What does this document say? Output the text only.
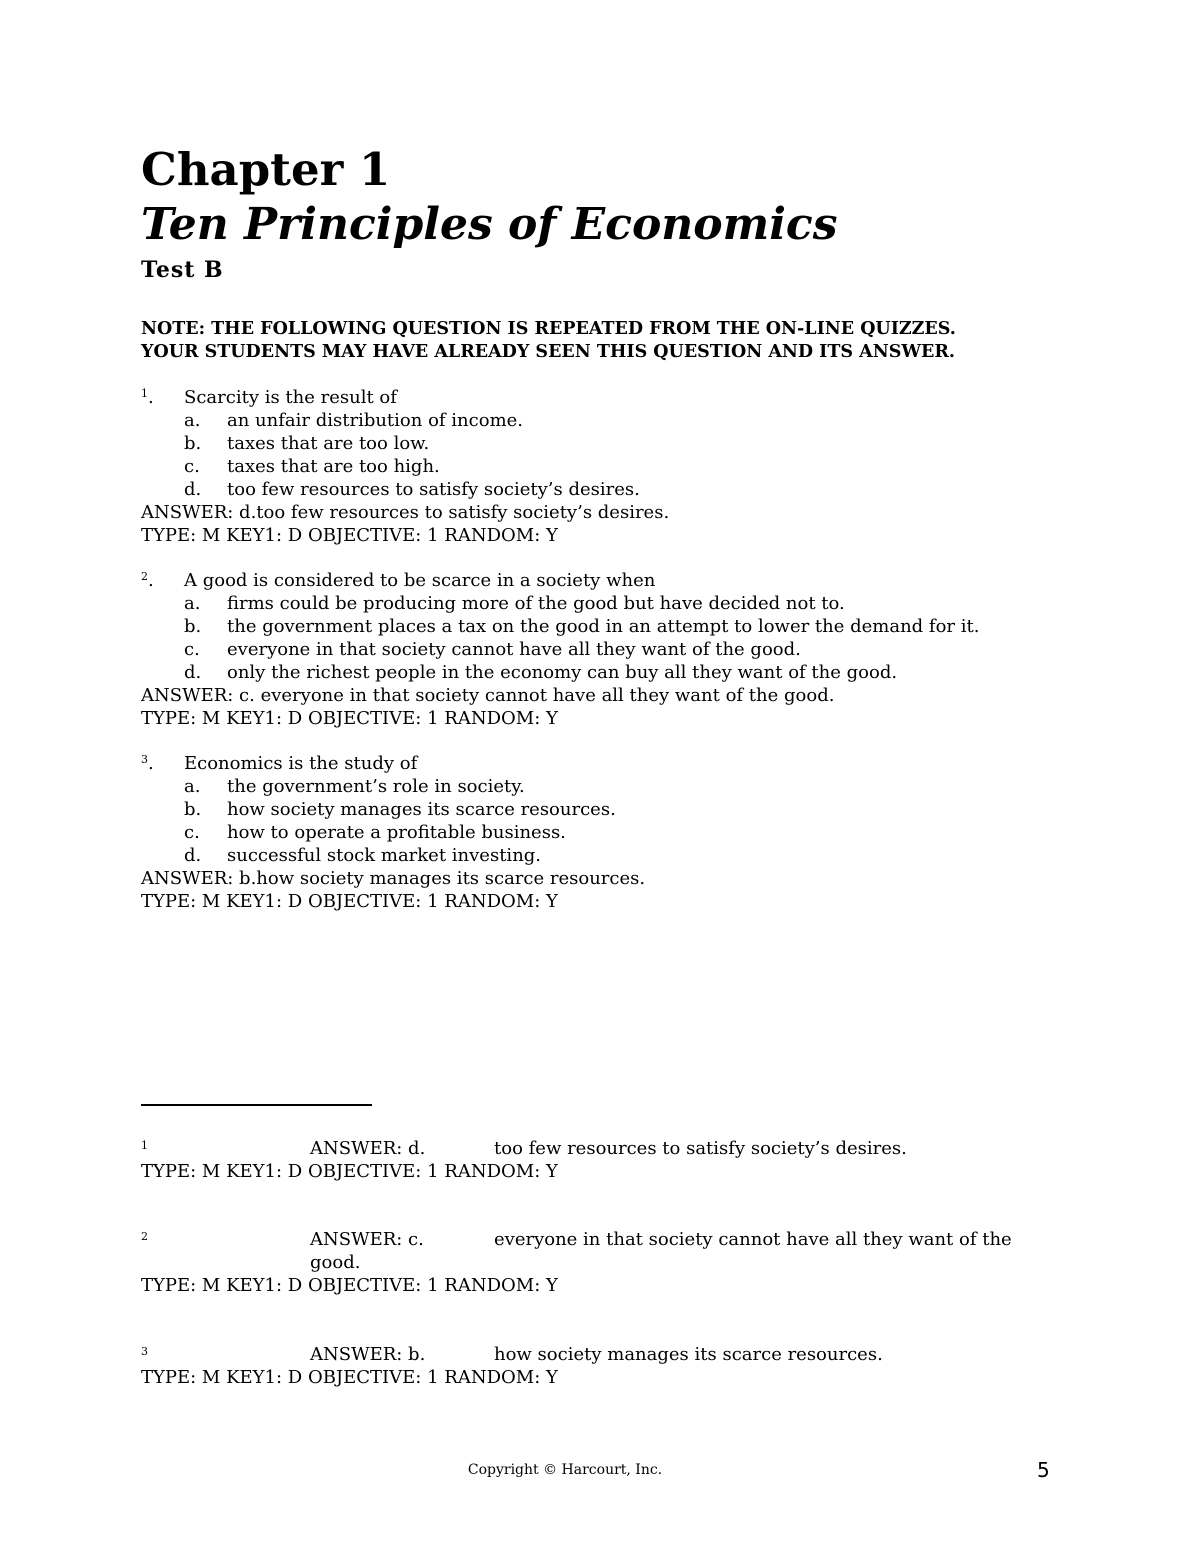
Chapter 1
Ten Principles of Economics
Test B
NOTE: THE FOLLOWING QUESTION IS REPEATED FROM THE ON-LINE QUIZZES.
YOUR STUDENTS MAY HAVE ALREADY SEEN THIS QUESTION AND ITS ANSWER.
1 . Scarcity is the result of
a. an unfair distribution of income.
b. taxes that are too low.
c. taxes that are too high.
d. too few resources to satisfy society’s desires.
ANSWER: d.too few resources to satisfy society’s desires.
TYPE: M KEY1: D OBJECTIVE: 1 RANDOM: Y
2 . A good is considered to be scarce in a society when
a. firms could be producing more of the good but have decided not to.
b. the government places a tax on the good in an attempt to lower the demand for it.
c. everyone in that society cannot have all they want of the good.
d. only the richest people in the economy can buy all they want of the good.
ANSWER: c. everyone in that society cannot have all they want of the good.
TYPE: M KEY1: D OBJECTIVE: 1 RANDOM: Y
3 . Economics is the study of
a. the government’s role in society.
b. how society manages its scarce resources.
c. how to operate a profitable business.
d. successful stock market investing.
ANSWER: b.how society manages its scarce resources.
TYPE: M KEY1: D OBJECTIVE: 1 RANDOM: Y
1	ANSWER: d.	too few resources to satisfy society’s desires.
TYPE: M KEY1: D OBJECTIVE: 1 RANDOM: Y
2	ANSWER: c.	everyone in that society cannot have all they want of the
good.
TYPE: M KEY1: D OBJECTIVE: 1 RANDOM: Y
3	ANSWER: b.	how society manages its scarce resources.
TYPE: M KEY1: D OBJECTIVE: 1 RANDOM: Y
Copyright © Harcourt, Inc.	5
